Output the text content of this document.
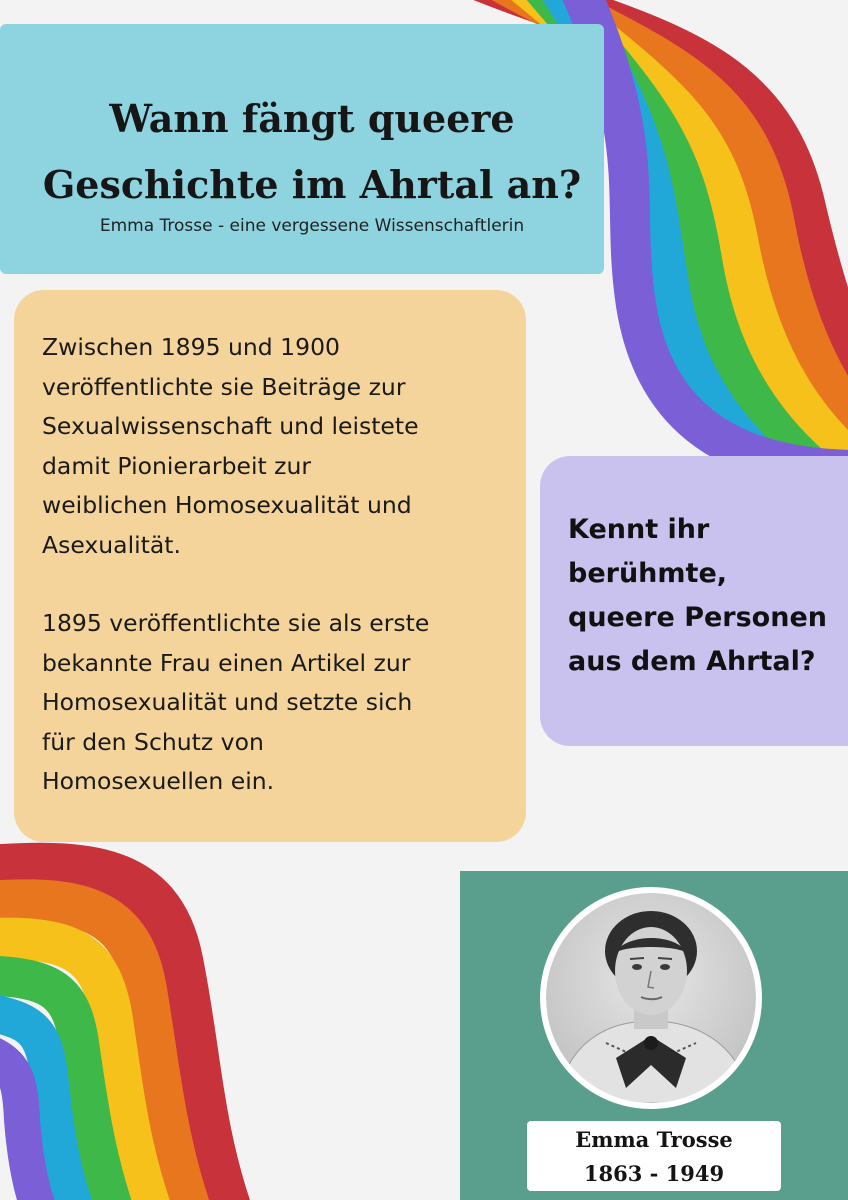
Wann fängt queere

Geschichte im Ahrtal an?

Emma Trosse - eine vergessene Wissenschaftlerin

Zwischen 1895 und 1900
veröffentlichte sie Beiträge zur
Sexualwissenschaft und leistete
damit Pionierarbeit zur
weiblichen Homosexualität und
Asexualität.

1895 veröffentlichte sie als erste
bekannte Frau einen Artikel zur
Homosexualität und setzte sich
für den Schutz von
Homosexuellen ein.

Kennt ihr
berühmte,
queere Personen
aus dem Ahrtal?

Emma Trosse
1863 - 1949
